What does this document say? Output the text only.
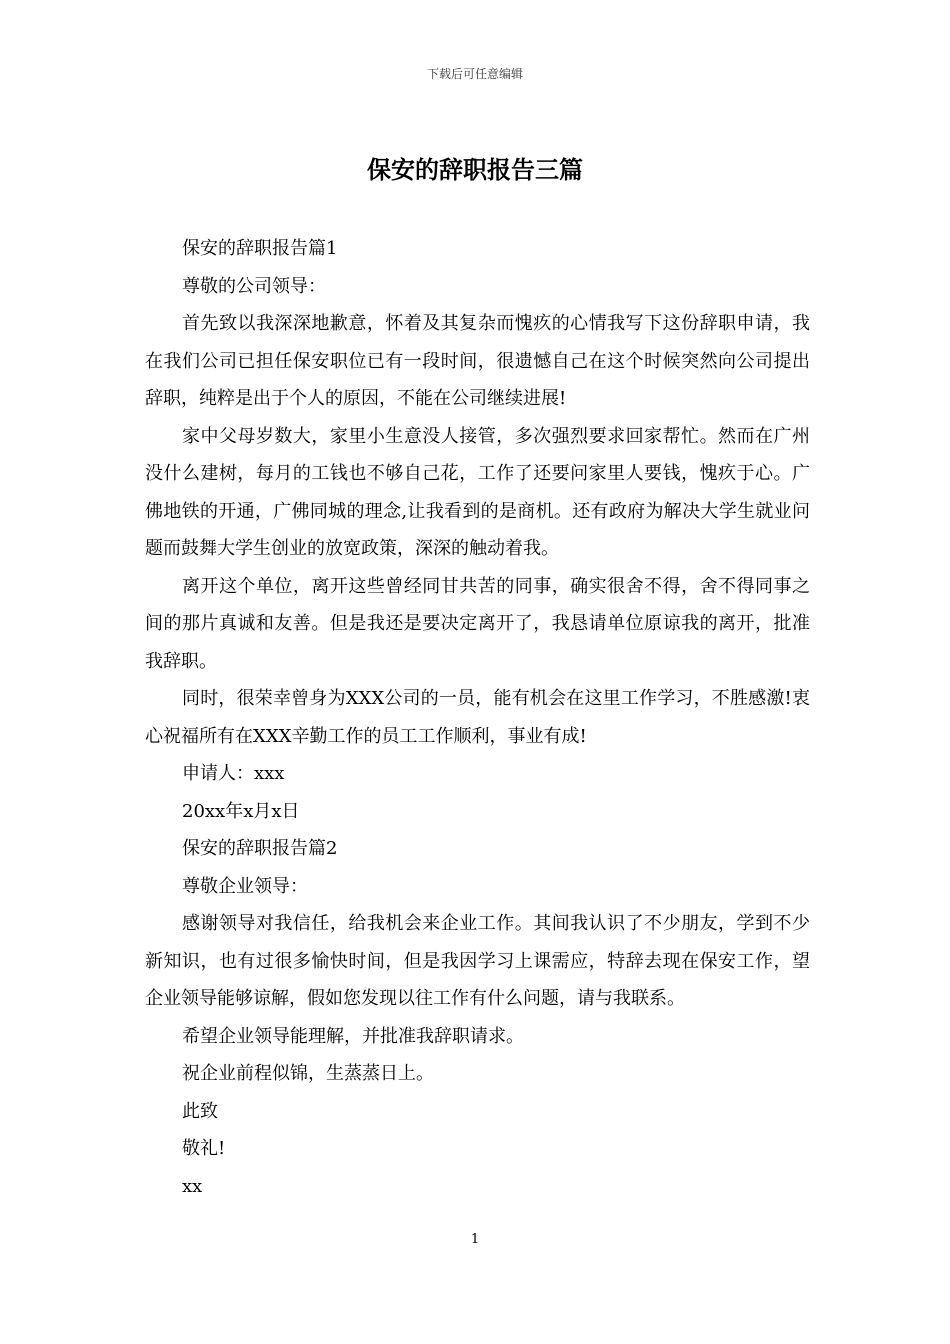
下载后可任意编辑
保安的辞职报告三篇

保安的辞职报告篇1

尊敬的公司领导：

首先致以我深深地歉意，怀着及其复杂而愧疚的心情我写下这份辞职申请，我在我们公司已担任保安职位已有一段时间，很遗憾自己在这个时候突然向公司提出辞职，纯粹是出于个人的原因，不能在公司继续进展!

家中父母岁数大，家里小生意没人接管，多次强烈要求回家帮忙。然而在广州没什么建树，每月的工钱也不够自己花，工作了还要问家里人要钱，愧疚于心。广佛地铁的开通，广佛同城的理念,让我看到的是商机。还有政府为解决大学生就业问题而鼓舞大学生创业的放宽政策，深深的触动着我。

离开这个单位，离开这些曾经同甘共苦的同事，确实很舍不得，舍不得同事之间的那片真诚和友善。但是我还是要决定离开了，我恳请单位原谅我的离开，批准我辞职。

同时，很荣幸曾身为XXX公司的一员，能有机会在这里工作学习，不胜感激!衷心祝福所有在XXX辛勤工作的员工工作顺利，事业有成!

申请人：xxx

20xx年x月x日

保安的辞职报告篇2

尊敬企业领导：

感谢领导对我信任，给我机会来企业工作。其间我认识了不少朋友，学到不少新知识，也有过很多愉快时间，但是我因学习上课需应，特辞去现在保安工作，望企业领导能够谅解，假如您发现以往工作有什么问题，请与我联系。

希望企业领导能理解，并批准我辞职请求。

祝企业前程似锦，生蒸蒸日上。

此致

敬礼!

xx

1
